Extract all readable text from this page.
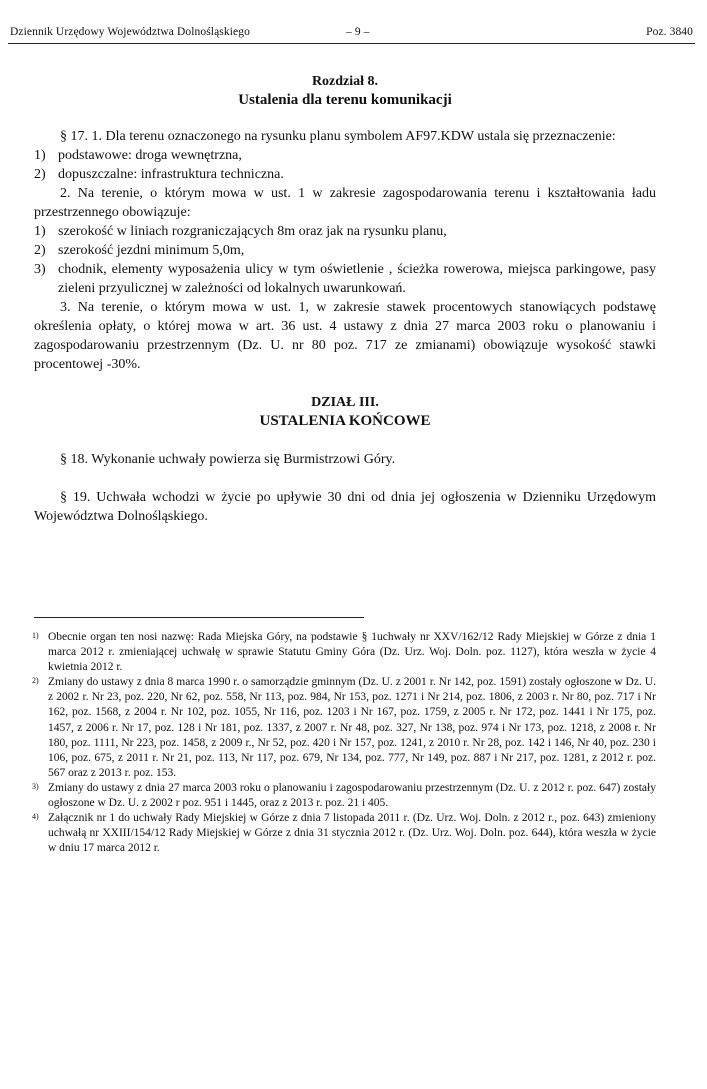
Dziennik Urzędowy Województwa Dolnośląskiego	– 9 –	Poz. 3840
Rozdział 8.
Ustalenia dla terenu komunikacji

§ 17. 1. Dla terenu oznaczonego na rysunku planu symbolem AF97.KDW ustala się przeznaczenie:

1) podstawowe: droga wewnętrzna,
2) dopuszczalne: infrastruktura techniczna.

2. Na terenie, o którym mowa w ust. 1 w zakresie zagospodarowania terenu i kształtowania ładu przestrzennego obowiązuje:

1) szerokość w liniach rozgraniczających 8m oraz jak na rysunku planu,
2) szerokość jezdni minimum 5,0m,
3) chodnik, elementy wyposażenia ulicy w tym oświetlenie , ścieżka rowerowa, miejsca parkingowe, pasy zieleni przyulicznej w zależności od lokalnych uwarunkowań.

3. Na terenie, o którym mowa w ust. 1, w zakresie stawek procentowych stanowiących podstawę określenia opłaty, o której mowa w art. 36 ust. 4 ustawy z dnia 27 marca 2003 roku o planowaniu i zagospodarowaniu przestrzennym (Dz. U. nr 80 poz. 717 ze zmianami) obowiązuje wysokość stawki procentowej -30%.

DZIAŁ III.
USTALENIA KOŃCOWE

§ 18. Wykonanie uchwały powierza się Burmistrzowi Góry.

§ 19. Uchwała wchodzi w życie po upływie 30 dni od dnia jej ogłoszenia w Dzienniku Urzędowym Województwa Dolnośląskiego.

1) Obecnie organ ten nosi nazwę: Rada Miejska Góry, na podstawie § 1uchwały nr XXV/162/12 Rady Miejskiej w Górze z dnia 1 marca 2012 r. zmieniającej uchwałę w sprawie Statutu Gminy Góra (Dz. Urz. Woj. Doln. poz. 1127), która weszła w życie 4 kwietnia 2012 r.
2) Zmiany do ustawy z dnia 8 marca 1990 r. o samorządzie gminnym (Dz. U. z 2001 r. Nr 142, poz. 1591) zostały ogłoszone w Dz. U. z 2002 r. Nr 23, poz. 220, Nr 62, poz. 558, Nr 113, poz. 984, Nr 153, poz. 1271 i Nr 214, poz. 1806, z 2003 r. Nr 80, poz. 717 i Nr 162, poz. 1568, z 2004 r. Nr 102, poz. 1055, Nr 116, poz. 1203 i Nr 167, poz. 1759, z 2005 r. Nr 172, poz. 1441 i Nr 175, poz. 1457, z 2006 r. Nr 17, poz. 128 i Nr 181, poz. 1337, z 2007 r. Nr 48, poz. 327, Nr 138, poz. 974 i Nr 173, poz. 1218, z 2008 r. Nr 180, poz. 1111, Nr 223, poz. 1458, z 2009 r., Nr 52, poz. 420 i Nr 157, poz. 1241, z 2010 r. Nr 28, poz. 142 i 146, Nr 40, poz. 230 i 106, poz. 675, z 2011 r. Nr 21, poz. 113, Nr 117, poz. 679, Nr 134, poz. 777, Nr 149, poz. 887 i Nr 217, poz. 1281, z 2012 r. poz. 567 oraz z 2013 r. poz. 153.
3) Zmiany do ustawy z dnia 27 marca 2003 roku o planowaniu i zagospodarowaniu przestrzennym (Dz. U. z 2012 r. poz. 647) zostały ogłoszone w Dz. U. z 2002 r poz. 951 i 1445, oraz z 2013 r. poz. 21 i 405.
4) Załącznik nr 1 do uchwały Rady Miejskiej w Górze z dnia 7 listopada 2011 r. (Dz. Urz. Woj. Doln. z 2012 r., poz. 643) zmieniony uchwałą nr XXIII/154/12 Rady Miejskiej w Górze z dnia 31 stycznia 2012 r. (Dz. Urz. Woj. Doln. poz. 644), która weszła w życie w dniu 17 marca 2012 r.
